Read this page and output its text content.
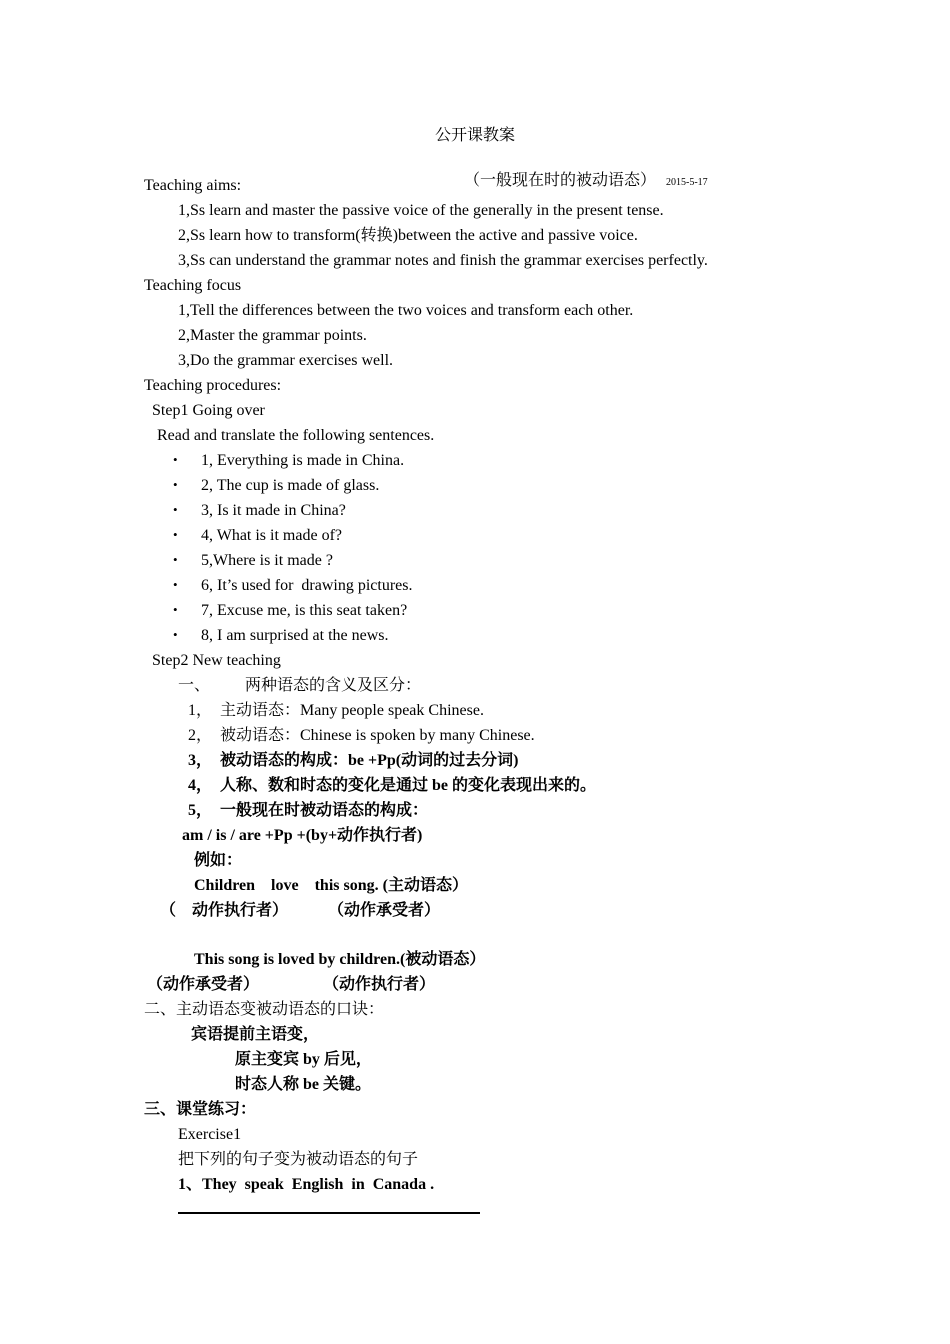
公开课教案

（一般现在时的被动语态） 2015-5-17

Teaching aims:
1,Ss learn and master the passive voice of the generally in the present tense.
2,Ss learn how to transform(转换)between the active and passive voice.
3,Ss can understand the grammar notes and finish the grammar exercises perfectly.
Teaching focus
1,Tell the differences between the two voices and transform each other.
2,Master the grammar points.
3,Do the grammar exercises well.
Teaching procedures:
Step1 Going over
Read and translate the following sentences.
• 1, Everything is made in China.
• 2, The cup is made of glass.
• 3, Is it made in China?
• 4, What is it made of?
• 5,Where is it made ?
• 6, It’s used for  drawing pictures.
• 7, Excuse me, is this seat taken?
• 8, I am surprised at the news.
Step2 New teaching
一、 两种语态的含义及区分：
1，  主动语态：Many people speak Chinese.
2，  被动语态：Chinese is spoken by many Chinese.
3，  被动语态的构成：be +Pp(动词的过去分词)
4，  人称、数和时态的变化是通过 be 的变化表现出来的。
5，  一般现在时被动语态的构成：
am / is / are +Pp +(by+动作执行者)
例如：
Children    love    this song. (主动语态）
（    动作执行者）          （动作承受者）
This song is loved by children.(被动语态）
（动作承受者）                （动作执行者）
二、主动语态变被动语态的口诀：
宾语提前主语变，
原主变宾 by 后见，
时态人称 be 关键。
三、课堂练习：
Exercise1
把下列的句子变为被动语态的句子
1、They  speak  English  in  Canada .
